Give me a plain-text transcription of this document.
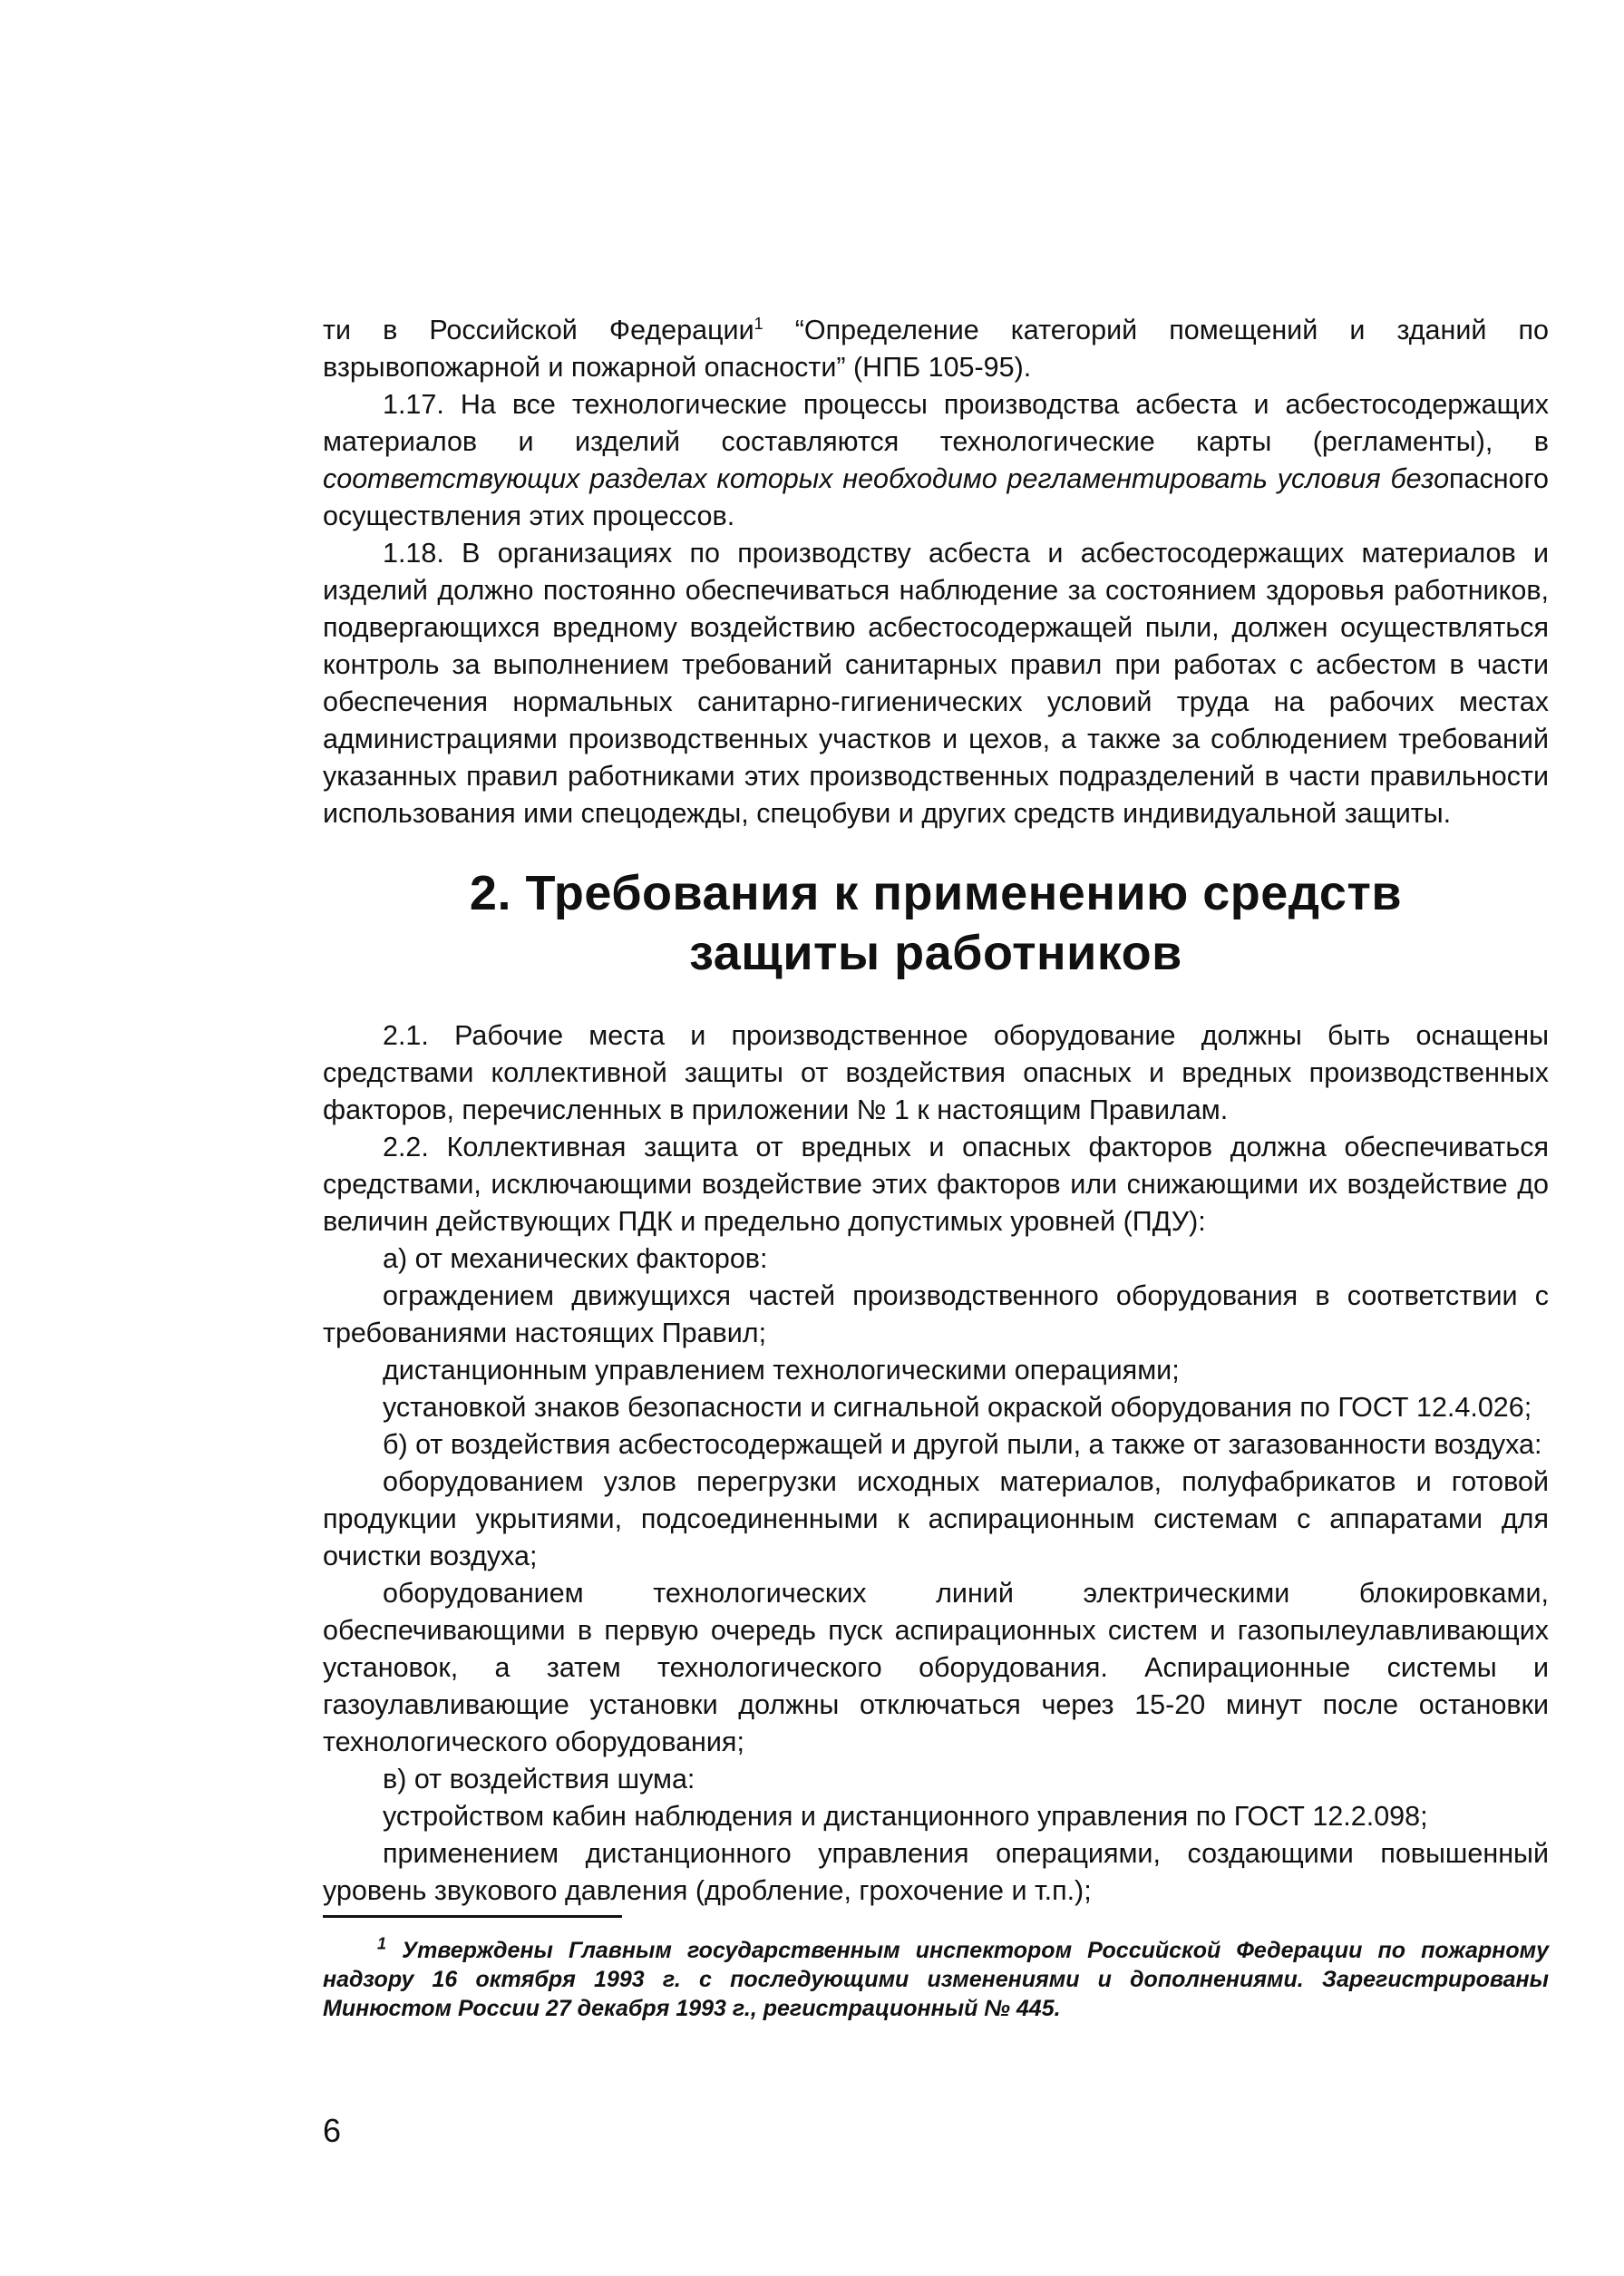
ти в Российской Федерации$^1$ “Определение категорий помещений и зданий по взрывопожарной и пожарной опасности” (НПБ 105-95).

1.17. На все технологические процессы производства асбеста и асбестосодержащих материалов и изделий составляются технологические карты (регламенты), в соответствующих разделах которых необходимо регламентировать условия безопасного осуществления этих процессов.

1.18. В организациях по производству асбеста и асбестосодержащих материалов и изделий должно постоянно обеспечиваться наблюдение за состоянием здоровья работников, подвергающихся вредному воздействию асбестосодержащей пыли, должен осуществляться контроль за выполнением требований санитарных правил при работах с асбестом в части обеспечения нормальных санитарно-гигиенических условий труда на рабочих местах администрациями производственных участков и цехов, а также за соблюдением требований указанных правил работниками этих производственных подразделений в части правильности использования ими спецодежды, спецобуви и других средств индивидуальной защиты.

2. Требования к применению средств
защиты работников

2.1. Рабочие места и производственное оборудование должны быть оснащены средствами коллективной защиты от воздействия опасных и вредных производственных факторов, перечисленных в приложении № 1 к настоящим Правилам.

2.2. Коллективная защита от вредных и опасных факторов должна обеспечиваться средствами, исключающими воздействие этих факторов или снижающими их воздействие до величин действующих ПДК и предельно допустимых уровней (ПДУ):

а) от механических факторов:

ограждением движущихся частей производственного оборудования в соответствии с требованиями настоящих Правил;

дистанционным управлением технологическими операциями;

установкой знаков безопасности и сигнальной окраской оборудования по ГОСТ 12.4.026;

б) от воздействия асбестосодержащей и другой пыли, а также от загазованности воздуха:

оборудованием узлов перегрузки исходных материалов, полуфабрикатов и готовой продукции укрытиями, подсоединенными к аспирационным системам с аппаратами для очистки воздуха;

оборудованием технологических линий электрическими блокировками, обеспечивающими в первую очередь пуск аспирационных систем и газопылеулавливающих установок, а затем технологического оборудования. Аспирационные системы и газоулавливающие установки должны отключаться через 15-20 минут после остановки технологического оборудования;

в) от воздействия шума:

устройством кабин наблюдения и дистанционного управления по ГОСТ 12.2.098;

применением дистанционного управления операциями, создающими повышенный уровень звукового давления (дробление, грохочение и т.п.);

$^1$ Утверждены Главным государственным инспектором Российской Федерации по пожарному надзору 16 октября 1993 г. с последующими изменениями и дополнениями. Зарегистрированы Минюстом России 27 декабря 1993 г., регистрационный № 445.

6
